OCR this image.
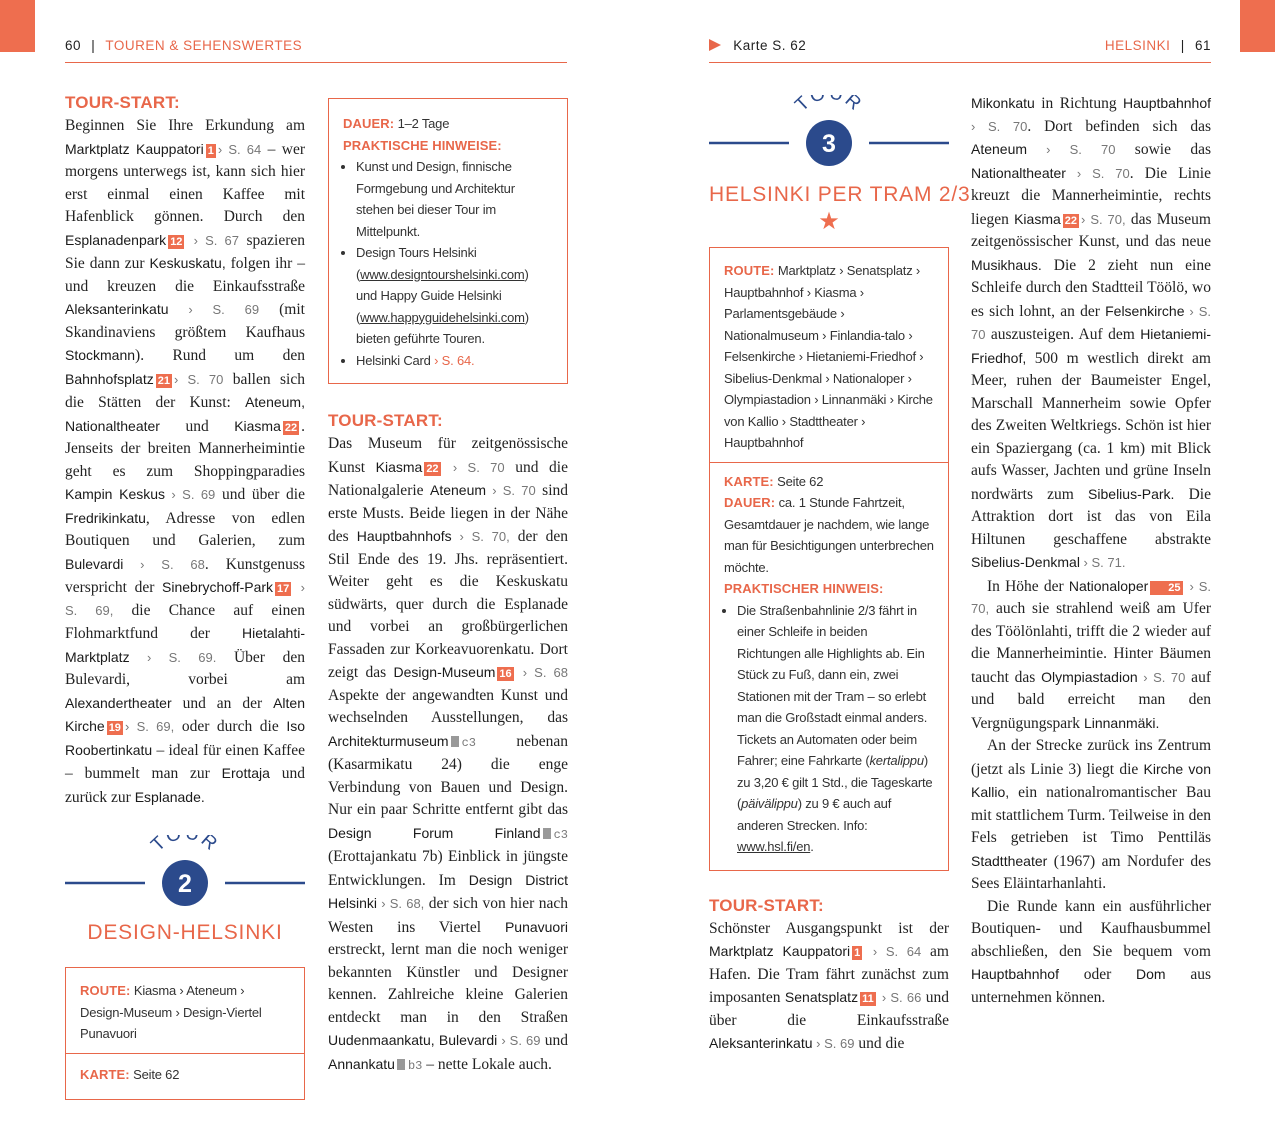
60 | TOUREN & SEHENSWERTES	Karte S. 62	HELSINKI | 61
TOUR-START:

Beginnen Sie Ihre Erkundung am Marktplatz Kauppatori 1 › S. 64 – wer morgens unterwegs ist, kann sich hier erst einmal einen Kaffee mit Hafenblick gönnen. Durch den Esplanadenpark 12 › S. 67 spazieren Sie dann zur Keskuskatu, folgen ihr – und kreuzen die Einkaufsstraße Aleksanterinkatu › S. 69 (mit Skandinaviens größtem Kaufhaus Stockmann). Rund um den Bahnhofsplatz 21 › S. 70 ballen sich die Stätten der Kunst: Ateneum, Nationaltheater und Kiasma 22 . Jenseits der breiten Mannerheimintie geht es zum Shoppingparadies Kampin Keskus › S. 69 und über die Fredrikinkatu, Adresse von edlen Boutiquen und Galerien, zum Bulevardi › S. 68. Kunstgenuss verspricht der Sinebrychoff-Park 17 › S. 69, die Chance auf einen Flohmarktfund der Hietalahti-Marktplatz › S. 69. Über den Bulevardi, vorbei am Alexandertheater und an der Alten Kirche 19 › S. 69, oder durch die Iso Roobertinkatu – ideal für einen Kaffee – bummelt man zur Erottaja und zurück zur Esplanade.

T R
2
DESIGN-HELSINKI
ROUTE: Kiasma › Ateneum › Design-Museum › Design-Viertel Punavuori
KARTE: Seite 62
DAUER: 1–2 Tage
PRAKTISCHE HINWEISE:
• Kunst und Design, finnische Formgebung und Architektur stehen bei dieser Tour im Mittelpunkt.
• Design Tours Helsinki (www.designtourshelsinki.com) und Happy Guide Helsinki (www.happyguidehelsinki.com) bieten geführte Touren.
• Helsinki Card › S. 64.
TOUR-START:

Das Museum für zeitgenössische Kunst Kiasma 22 › S. 70 und die Nationalgalerie Ateneum › S. 70 sind erste Musts. Beide liegen in der Nähe des Hauptbahnhofs › S. 70, der den Stil Ende des 19. Jhs. repräsentiert. Weiter geht es die Keskuskatu südwärts, quer durch die Esplanade und vorbei an großbürgerlichen Fassaden zur Korkeavuorenkatu. Dort zeigt das Design-Museum 16 › S. 68 Aspekte der angewandten Kunst und wechselnden Ausstellungen, das Architekturmuseum c3 nebenan (Kasarmikatu 24) die enge Verbindung von Bauen und Design. Nur ein paar Schritte entfernt gibt das Design Forum Finland c3 (Erottajankatu 7b) Einblick in jüngste Entwicklungen. Im Design District Helsinki › S. 68, der sich von hier nach Westen ins Viertel Punavuori erstreckt, lernt man die noch weniger bekannten Künstler und Designer kennen. Zahlreiche kleine Galerien entdeckt man in den Straßen Uudenmaankatu, Bulevardi › S. 69 und Annankatu b3 – nette Lokale auch.

T R
3
HELSINKI PER TRAM 2/3
★
ROUTE: Marktplatz › Senatsplatz › Hauptbahnhof › Kiasma › Parlamentsgebäude › Nationalmuseum › Finlandia-talo › Felsenkirche › Hietaniemi-Friedhof › Sibelius-Denkmal › Nationaloper › Olympiastadion › Linnanmäki › Kirche von Kallio › Stadttheater › Hauptbahnhof
KARTE: Seite 62
DAUER: ca. 1 Stunde Fahrtzeit, Gesamtdauer je nachdem, wie lange man für Besichtigungen unterbrechen möchte.
PRAKTISCHER HINWEIS:
• Die Straßenbahnlinie 2/3 fährt in einer Schleife in beiden Richtungen alle Highlights ab. Ein Stück zu Fuß, dann ein, zwei Stationen mit der Tram – so erlebt man die Großstadt einmal anders. Tickets an Automaten oder beim Fahrer; eine Fahrkarte (kertalippu) zu 3,20 € gilt 1 Std., die Tageskarte (päivälippu) zu 9 € auch auf anderen Strecken. Info: www.hsl.fi/en.
TOUR-START:

Schönster Ausgangspunkt ist der Marktplatz Kauppatori 1 › S. 64 am Hafen. Die Tram fährt zunächst zum imposanten Senatsplatz 11 › S. 66 und über die Einkaufsstraße Aleksanterinkatu › S. 69 und die

Mikonkatu in Richtung Hauptbahnhof › S. 70. Dort befinden sich das Ateneum › S. 70 sowie das Nationaltheater › S. 70. Die Linie kreuzt die Mannerheimintie, rechts liegen Kiasma 22 › S. 70, das Museum zeitgenössischer Kunst, und das neue Musikhaus. Die 2 zieht nun eine Schleife durch den Stadtteil Töölö, wo es sich lohnt, an der Felsenkirche › S. 70 auszusteigen. Auf dem Hietaniemi-Friedhof, 500 m westlich direkt am Meer, ruhen der Baumeister Engel, Marschall Mannerheim sowie Opfer des Zweiten Weltkriegs. Schön ist hier ein Spaziergang (ca. 1 km) mit Blick aufs Wasser, Jachten und grüne Inseln nordwärts zum Sibelius-Park. Die Attraktion dort ist das von Eila Hiltunen geschaffene abstrakte Sibelius-Denkmal › S. 71.

In Höhe der Nationaloper 25 › S. 70, auch sie strahlend weiß am Ufer des Töölönlahti, trifft die 2 wieder auf die Mannerheimintie. Hinter Bäumen taucht das Olympiastadion › S. 70 auf und bald erreicht man den Vergnügungspark Linnanmäki.

An der Strecke zurück ins Zentrum (jetzt als Linie 3) liegt die Kirche von Kallio, ein nationalromantischer Bau mit stattlichem Turm. Teilweise in den Fels getrieben ist Timo Penttiläs Stadttheater (1967) am Nordufer des Sees Eläintarhanlahti.

Die Runde kann ein ausführlicher Boutiquen- und Kaufhausbummel abschließen, den Sie bequem vom Hauptbahnhof oder Dom aus unternehmen können.
